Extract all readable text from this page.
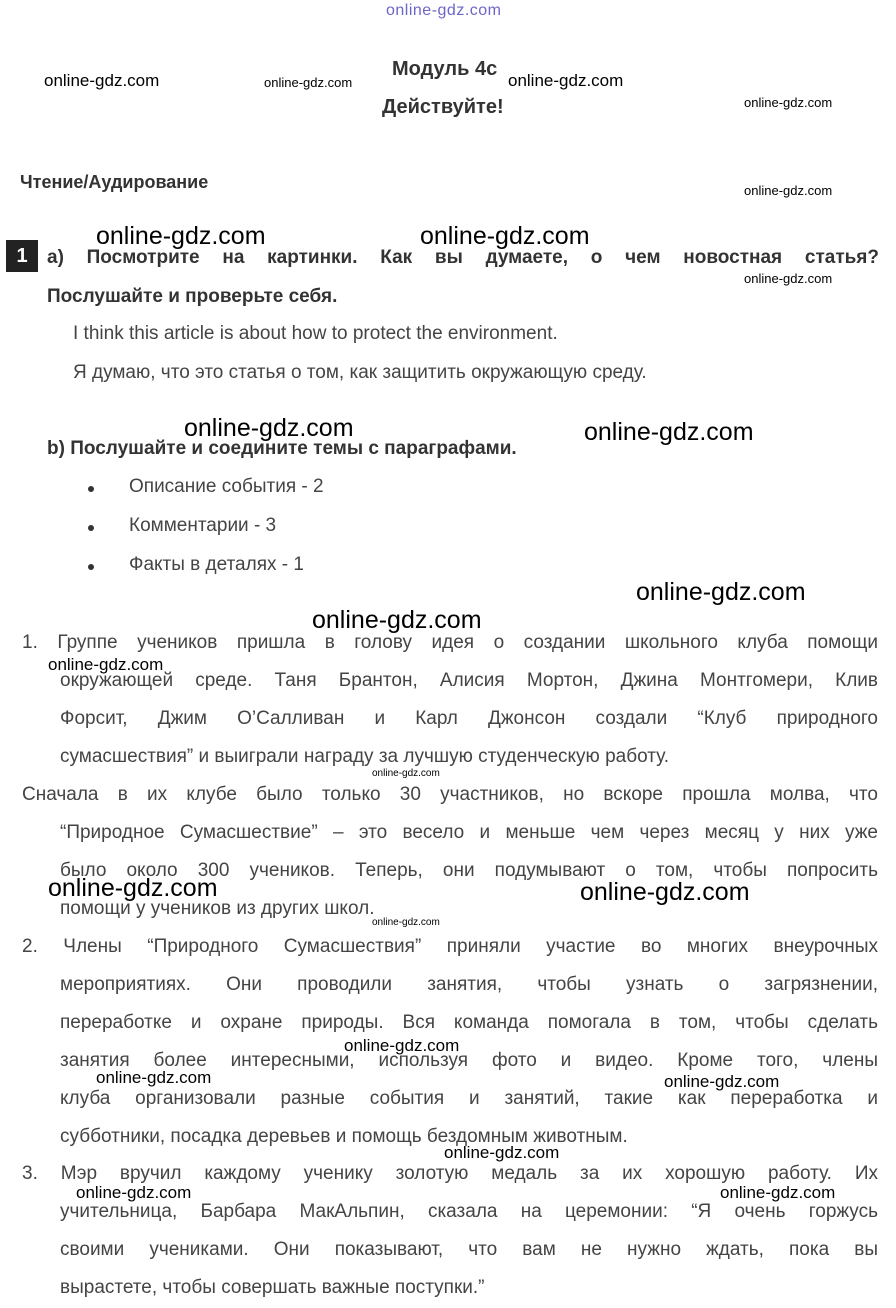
online-gdz.com
Модуль 4c
Действуйте!
online-gdz.com	online-gdz.com	online-gdz.com
online-gdz.com
Чтение/Аудирование	online-gdz.com
online-gdz.com	online-gdz.com
1	a) Посмотрите на картинки. Как вы думаете, о чем новостная статья?
online-gdz.com
Послушайте и проверьте себя.
I think this article is about how to protect the environment.
Я думаю, что это статья о том, как защитить окружающую среду.
online-gdz.com	online-gdz.com
b) Послушайте и соедините темы с параграфами.
Описание события - 2
Комментарии - 3
Факты в деталях - 1
online-gdz.com
online-gdz.com
1. Группе учеников пришла в голову идея о создании школьного клуба помощи
окружающей среде. Таня Брантон, Алисия Мортон, Джина Монтгомери, Клив
Форсит, Джим О’Салливан и Карл Джонсон создали “Клуб природного
сумасшествия” и выиграли награду за лучшую студенческую работу.
online-gdz.com
online-gdz.com
Сначала в их клубе было только 30 участников, но вскоре прошла молва, что
“Природное Сумасшествие” – это весело и меньше чем через месяц у них уже
было около 300 учеников. Теперь, они подумывают о том, чтобы попросить
помощи у учеников из других школ.
online-gdz.com	online-gdz.com
online-gdz.com
2. Члены “Природного Сумасшествия” приняли участие во многих внеурочных
мероприятиях. Они проводили занятия, чтобы узнать о загрязнении,
переработке и охране природы. Вся команда помогала в том, чтобы сделать
занятия более интересными, используя фото и видео. Кроме того, члены
клуба организовали разные события и занятий, такие как переработка и
субботники, посадка деревьев и помощь бездомным животным.
online-gdz.com
online-gdz.com	online-gdz.com
online-gdz.com
3. Мэр вручил каждому ученику золотую медаль за их хорошую работу. Их
учительница, Барбара МакАльпин, сказала на церемонии: “Я очень горжусь
своими учениками. Они показывают, что вам не нужно ждать, пока вы
вырастете, чтобы совершать важные поступки.”
online-gdz.com	online-gdz.com
